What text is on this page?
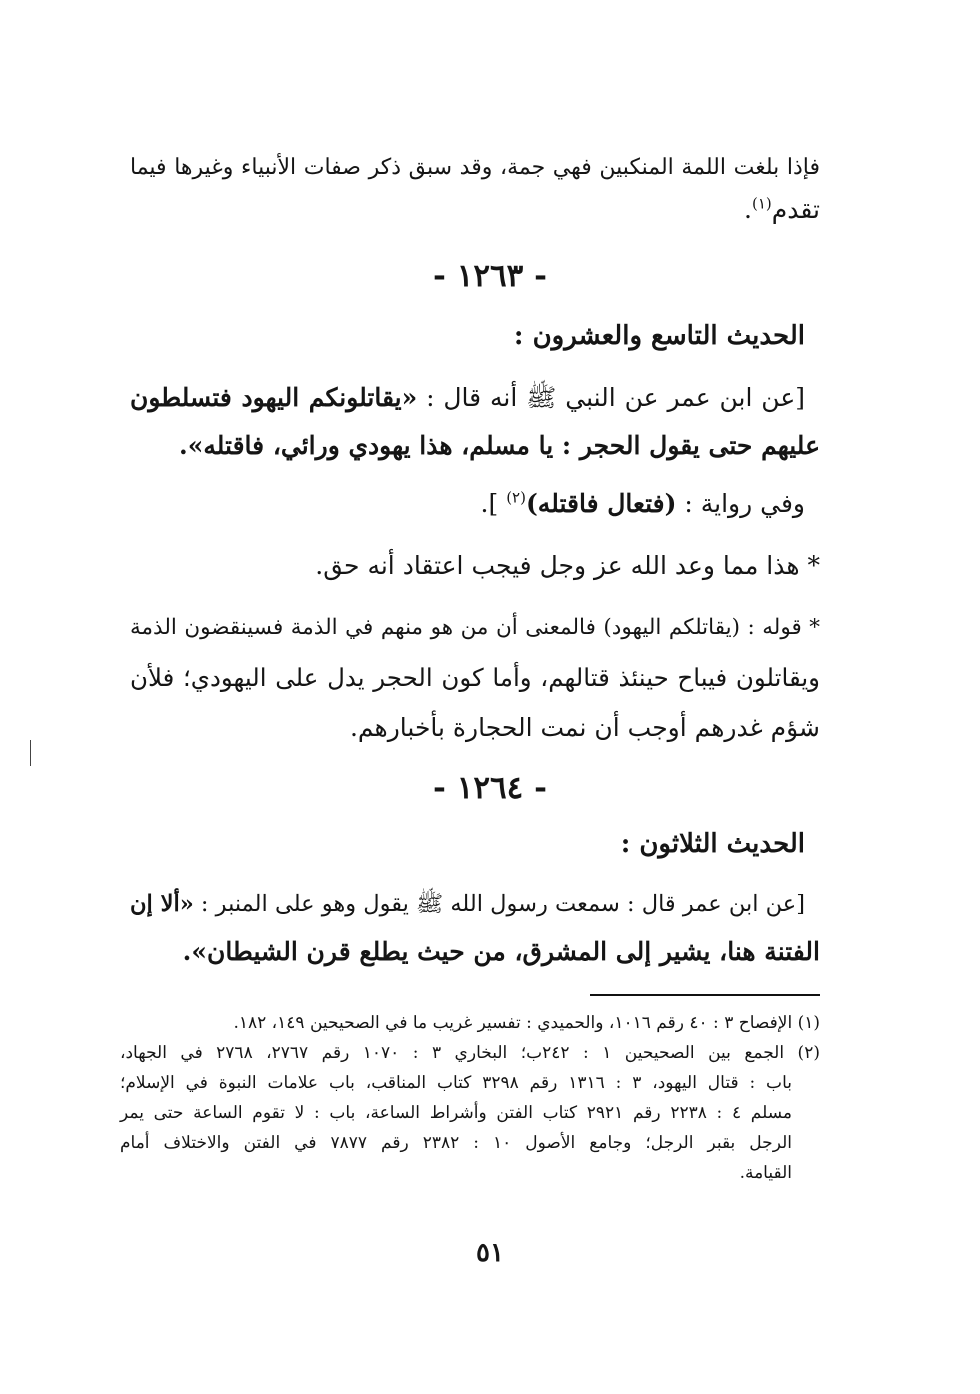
فإذا بلغت اللمة المنكبين فهي جمة، وقد سبق ذكر صفات الأنبياء وغيرها فيما
تقدم$^{(١)}$.
- ١٢٦٣ -
الحديث التاسع والعشرون :
[عن ابن عمر عن النبي ﷺ أنه قال : «يقاتلونكم اليهود فتسلطون
عليهم حتى يقول الحجر : يا مسلم، هذا يهودي ورائي، فاقتله».
وفي رواية : (فتعال فاقتله)$^{(٢)}$ ].
* هذا مما وعد الله عز وجل فيجب اعتقاد أنه حق.
* قوله : (يقاتلكم اليهود) فالمعنى أن من هو منهم في الذمة فسينقضون الذمة
ويقاتلون فيباح حينئذ قتالهم، وأما كون الحجر يدل على اليهودي؛ فلأن
شؤم غدرهم أوجب أن نمت الحجارة بأخبارهم.
- ١٢٦٤ -
الحديث الثلاثون :
[عن ابن عمر قال : سمعت رسول الله ﷺ يقول وهو على المنبر : «ألا إن
الفتنة هنا، يشير إلى المشرق، من حيث يطلع قرن الشيطان».
(١) الإفصاح ٣ : ٤٠ رقم ١٠١٦، والحميدي : تفسير غريب ما في الصحيحين ١٤٩، ١٨٢.
(٢) الجمع بين الصحيحين ١ : ٢٤٢ب؛ البخاري ٣ : ١٠٧٠ رقم ٢٧٦٧، ٢٧٦٨ في الجهاد،
باب : قتال اليهود، ٣ : ١٣١٦ رقم ٣٢٩٨ كتاب المناقب، باب علامات النبوة في الإسلام؛
مسلم ٤ : ٢٢٣٨ رقم ٢٩٢١ كتاب الفتن وأشراط الساعة، باب : لا تقوم الساعة حتى يمر
الرجل بقبر الرجل؛ وجامع الأصول ١٠ : ٢٣٨٢ رقم ٧٨٧٧ في الفتن والاختلاف أمام
القيامة.
٥١
